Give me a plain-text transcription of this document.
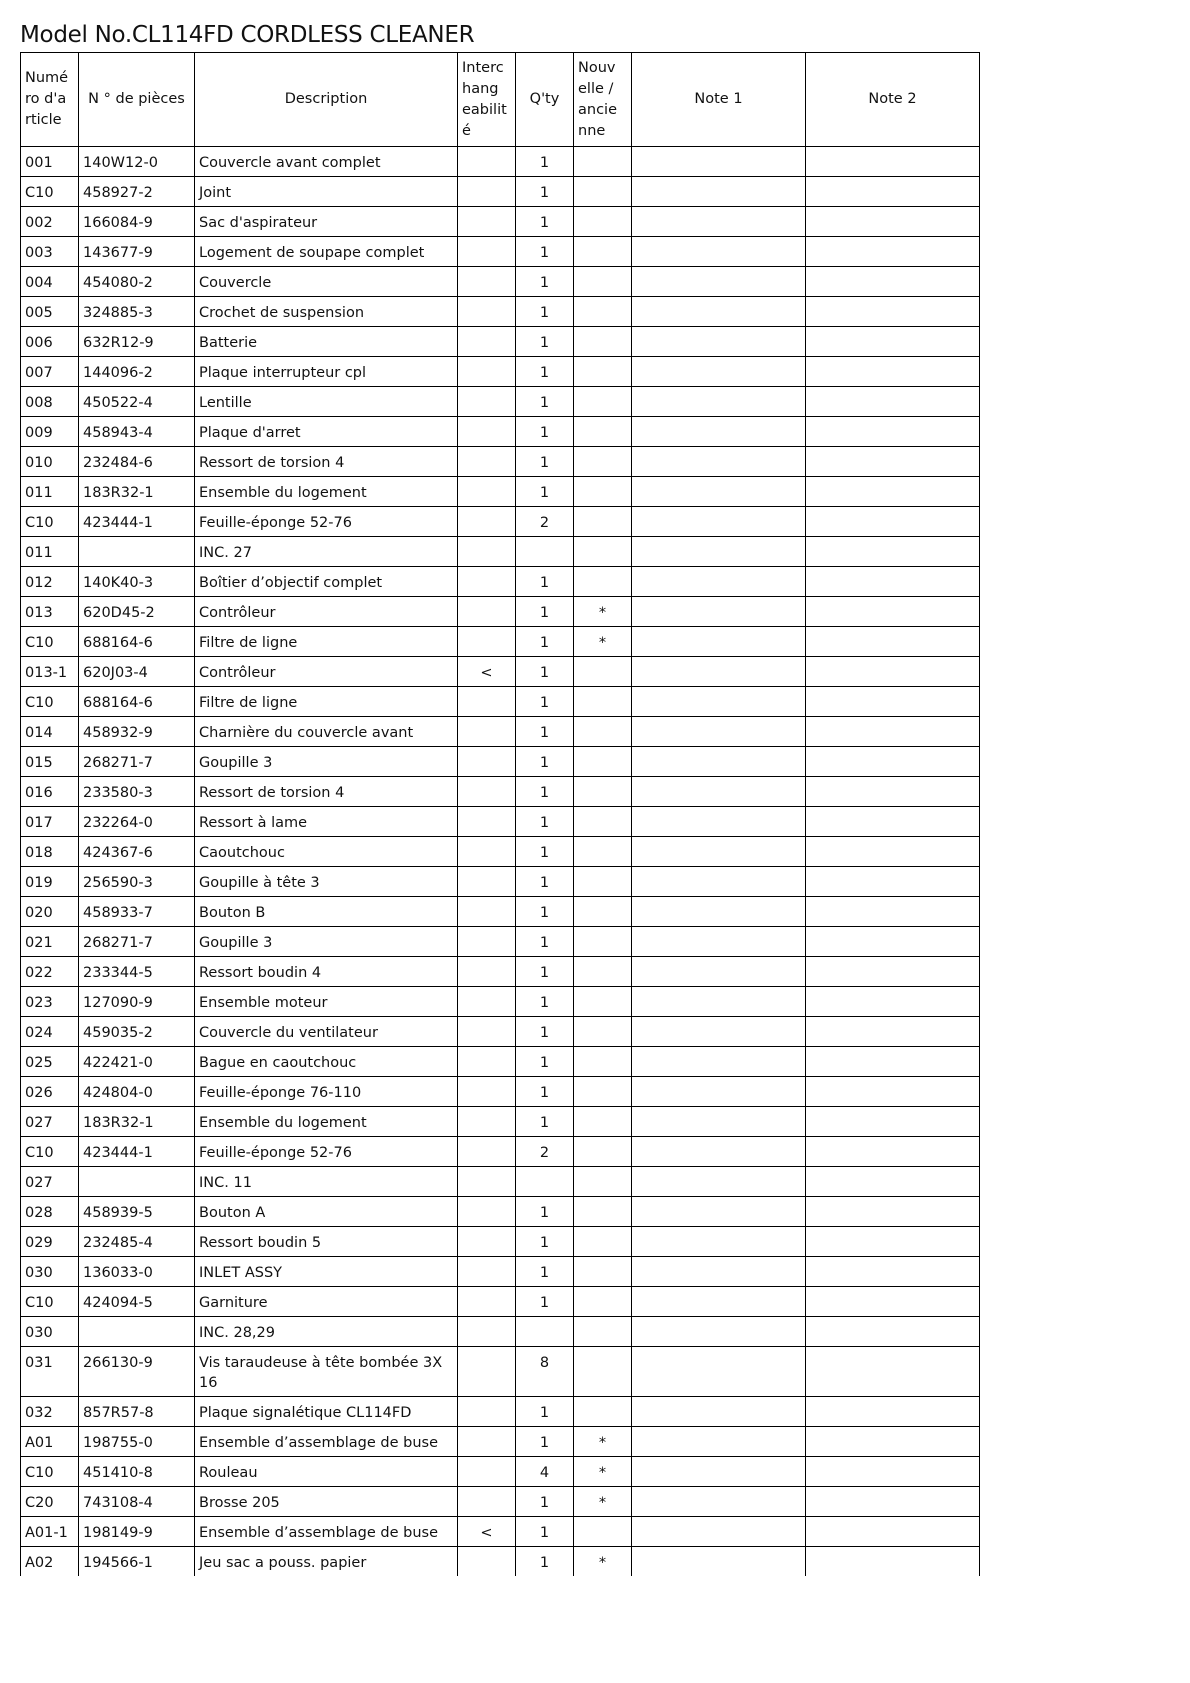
Model No.CL114FD CORDLESS CLEANER
Numé ro d'a rticle	N ° de pièces	Description	Interc hang eabilit é	Q'ty	Nouv elle / ancie nne	Note 1	Note 2
001	140W12-0	Couvercle avant complet		1			
C10	458927-2	Joint		1			
002	166084-9	Sac d'aspirateur		1			
003	143677-9	Logement de soupape complet		1			
004	454080-2	Couvercle		1			
005	324885-3	Crochet de suspension		1			
006	632R12-9	Batterie		1			
007	144096-2	Plaque interrupteur cpl		1			
008	450522-4	Lentille		1			
009	458943-4	Plaque d'arret		1			
010	232484-6	Ressort de torsion 4		1			
011	183R32-1	Ensemble du logement		1			
C10	423444-1	Feuille-éponge 52-76		2			
011		INC. 27					
012	140K40-3	Boîtier d’objectif complet		1			
013	620D45-2	Contrôleur		1	*		
C10	688164-6	Filtre de ligne		1	*		
013-1	620J03-4	Contrôleur	<	1			
C10	688164-6	Filtre de ligne		1			
014	458932-9	Charnière du couvercle avant		1			
015	268271-7	Goupille 3		1			
016	233580-3	Ressort de torsion 4		1			
017	232264-0	Ressort à lame		1			
018	424367-6	Caoutchouc		1			
019	256590-3	Goupille à tête 3		1			
020	458933-7	Bouton B		1			
021	268271-7	Goupille 3		1			
022	233344-5	Ressort boudin 4		1			
023	127090-9	Ensemble moteur		1			
024	459035-2	Couvercle du ventilateur		1			
025	422421-0	Bague en caoutchouc		1			
026	424804-0	Feuille-éponge 76-110		1			
027	183R32-1	Ensemble du logement		1			
C10	423444-1	Feuille-éponge 52-76		2			
027		INC. 11					
028	458939-5	Bouton A		1			
029	232485-4	Ressort boudin 5		1			
030	136033-0	INLET ASSY		1			
C10	424094-5	Garniture		1			
030		INC. 28,29					
031	266130-9	Vis taraudeuse à tête bombée 3X 16		8			
032	857R57-8	Plaque signalétique CL114FD		1			
A01	198755-0	Ensemble d’assemblage de buse		1	*		
C10	451410-8	Rouleau		4	*		
C20	743108-4	Brosse 205		1	*		
A01-1	198149-9	Ensemble d’assemblage de buse	<	1			
A02	194566-1	Jeu sac a pouss. papier		1	*		
